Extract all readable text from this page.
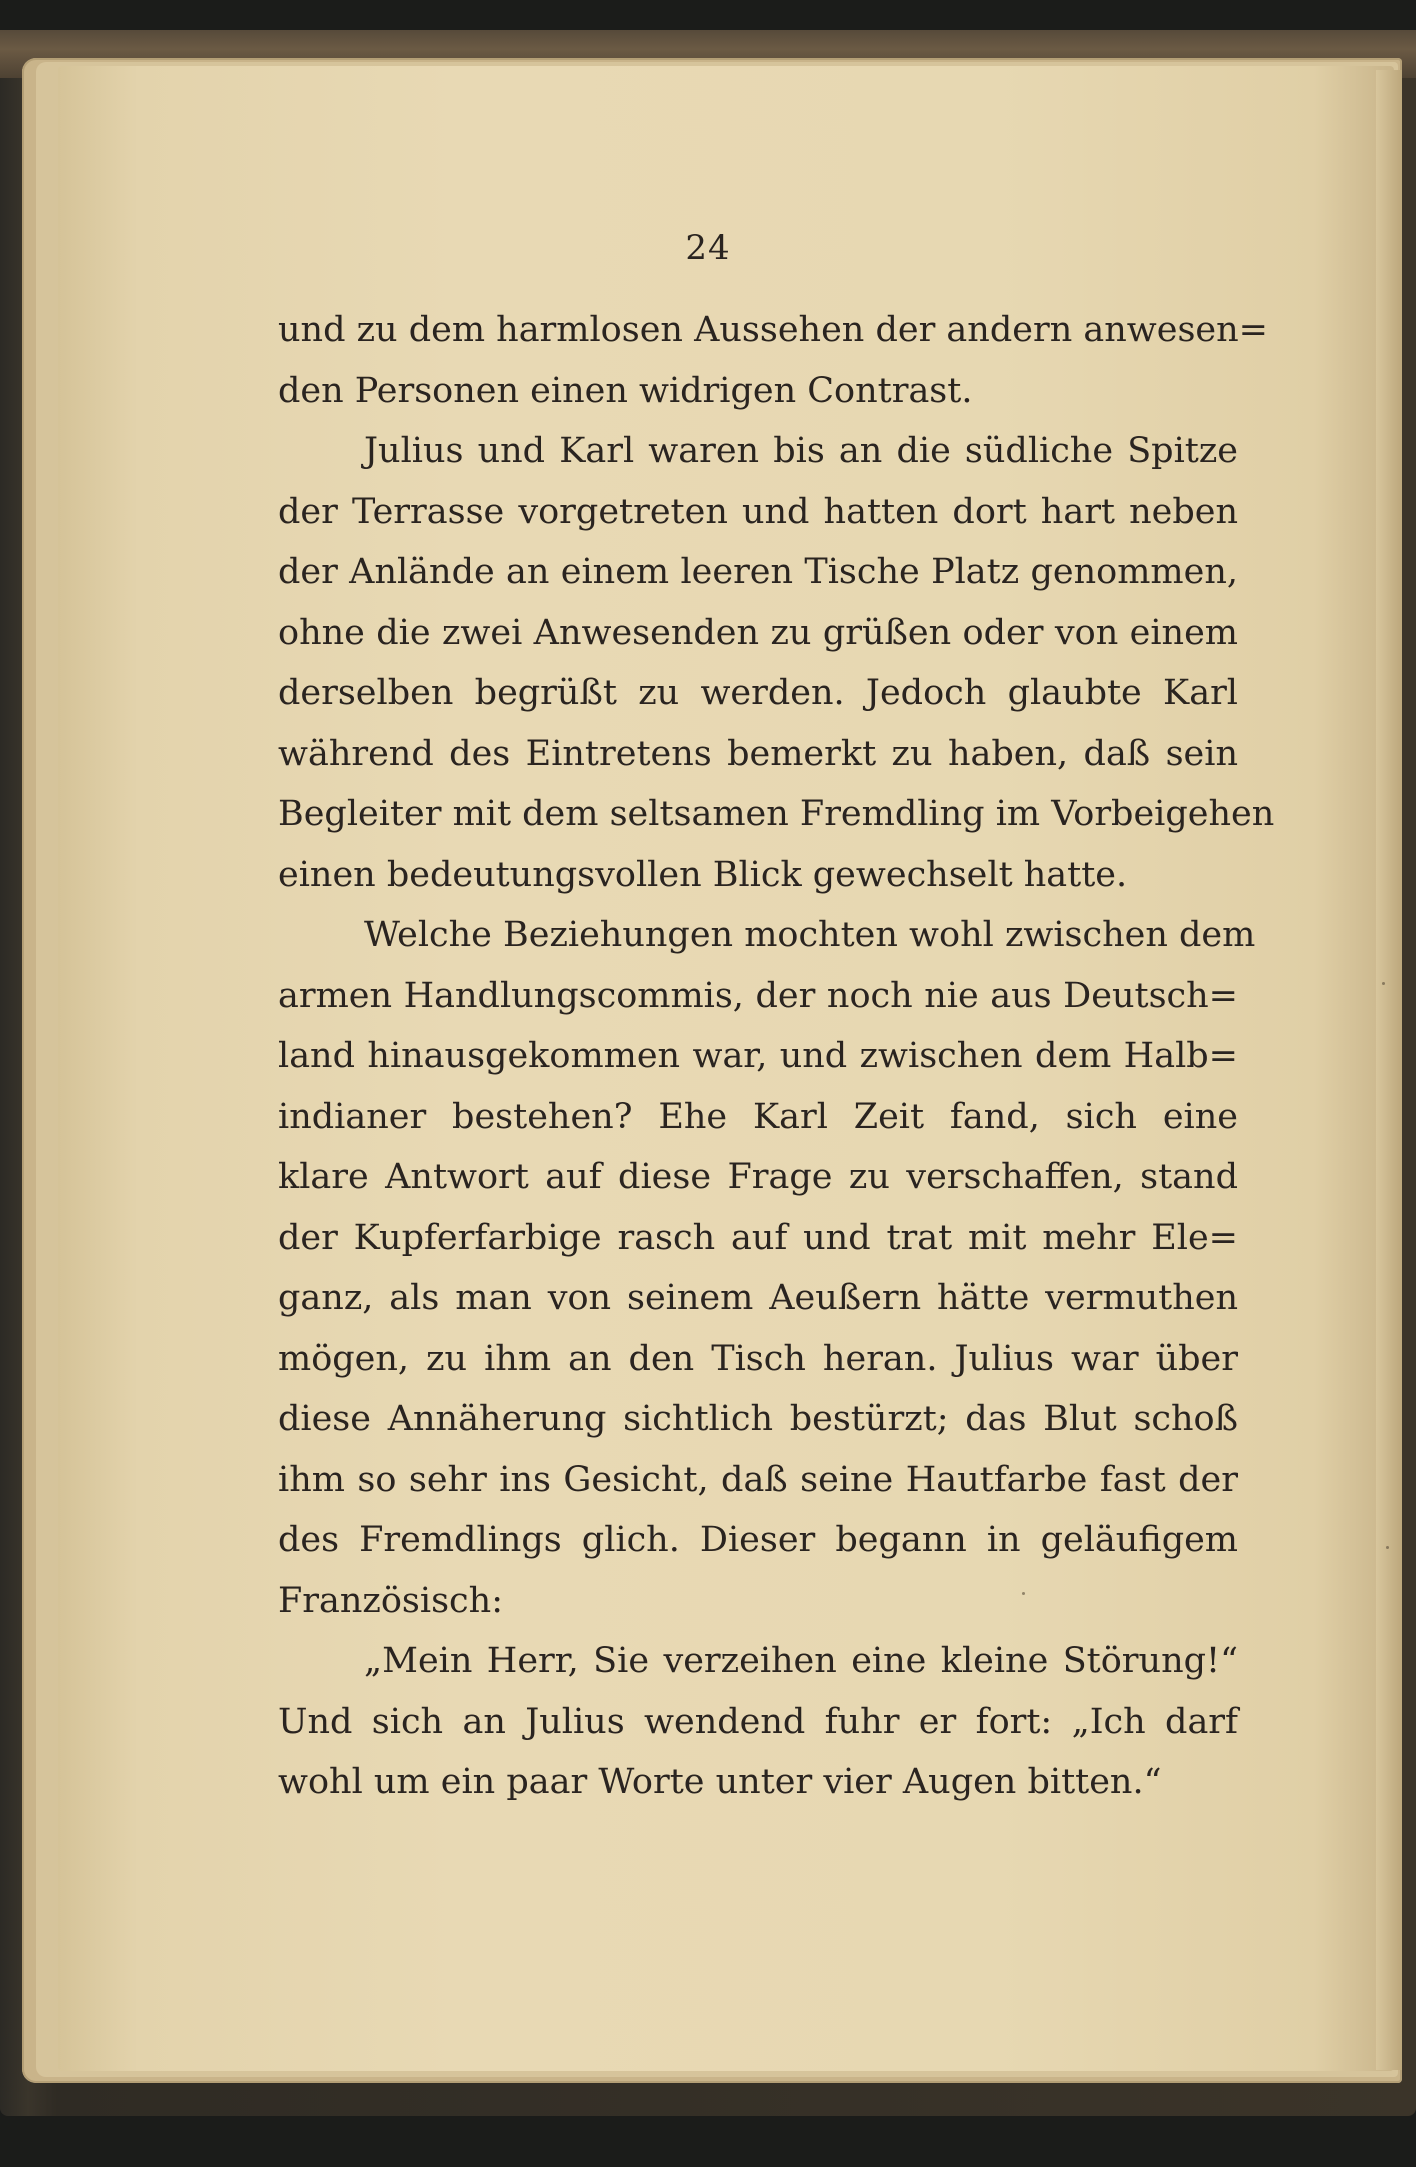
24

und zu dem harmlosen Aussehen der andern anwesen=
den Personen einen widrigen Contrast.

Julius und Karl waren bis an die südliche Spitze
der Terrasse vorgetreten und hatten dort hart neben
der Anlände an einem leeren Tische Platz genommen,
ohne die zwei Anwesenden zu grüßen oder von einem
derselben begrüßt zu werden. Jedoch glaubte Karl
während des Eintretens bemerkt zu haben, daß sein
Begleiter mit dem seltsamen Fremdling im Vorbeigehen
einen bedeutungsvollen Blick gewechselt hatte.

Welche Beziehungen mochten wohl zwischen dem
armen Handlungscommis, der noch nie aus Deutsch=
land hinausgekommen war, und zwischen dem Halb=
indianer bestehen? Ehe Karl Zeit fand, sich eine
klare Antwort auf diese Frage zu verschaffen, stand
der Kupferfarbige rasch auf und trat mit mehr Ele=
ganz, als man von seinem Aeußern hätte vermuthen
mögen, zu ihm an den Tisch heran. Julius war über
diese Annäherung sichtlich bestürzt; das Blut schoß
ihm so sehr ins Gesicht, daß seine Hautfarbe fast der
des Fremdlings glich. Dieser begann in geläufigem
Französisch:

„Mein Herr, Sie verzeihen eine kleine Störung!“
Und sich an Julius wendend fuhr er fort: „Ich darf
wohl um ein paar Worte unter vier Augen bitten.“
